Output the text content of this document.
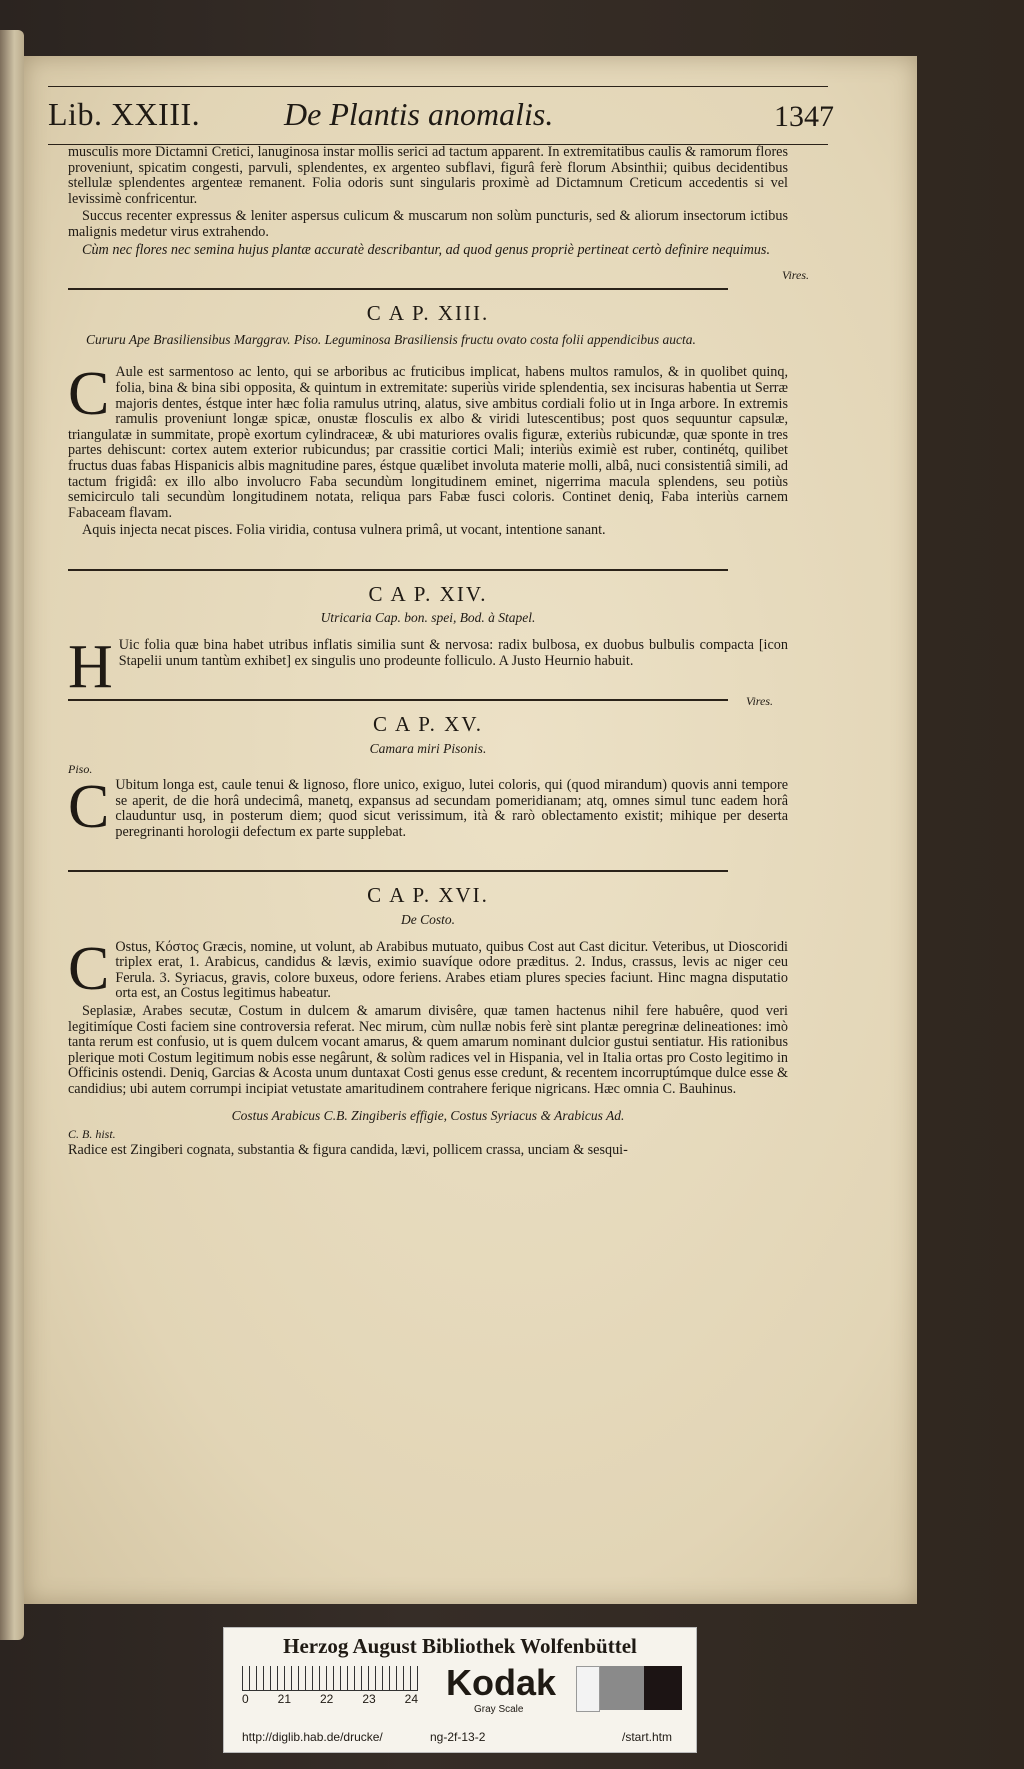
Lib. XXIII.	De Plantis anomalis.	1347
Vires.
Vires.

musculis more Dictamni Cretici, lanuginosa instar mollis serici ad tactum apparent. In extremitatibus caulis & ramorum flores proveniunt, spicatim congesti, parvuli, splendentes, ex argenteo subflavi, figurâ ferè florum Absinthii; quibus decidentibus stellulæ splendentes argenteæ remanent. Folia odoris sunt singularis proximè ad Dictamnum Creticum accedentis si vel levissimè confricentur.

Succus recenter expressus & leniter aspersus culicum & muscarum non solùm puncturis, sed & aliorum insectorum ictibus malignis medetur virus extrahendo.

Cùm nec flores nec semina hujus plantæ accuratè describantur, ad quod genus propriè pertineat certò definire nequimus.

C A P. XIII.
Cururu Ape Brasiliensibus Marggrav. Piso. Leguminosa Brasiliensis fructu ovato costa folii appendicibus aucta.
C Aule est sarmentoso ac lento, qui se arboribus ac fruticibus implicat, habens multos ramulos, & in quolibet quinq, folia, bina & bina sibi opposita, & quintum in extremitate: superiùs viride splendentia, sex incisuras habentia ut Serræ majoris dentes, éstque inter hæc folia ramulus utrinq, alatus, sive ambitus cordiali folio ut in Inga arbore. In extremis ramulis proveniunt longæ spicæ, onustæ flosculis ex albo & viridi lutescentibus; post quos sequuntur capsulæ, triangulatæ in summitate, propè exortum cylindraceæ, & ubi maturiores ovalis figuræ, exteriùs rubicundæ, quæ sponte in tres partes dehiscunt: cortex autem exterior rubicundus; par crassitie cortici Mali; interiùs eximiè est ruber, continétq, quilibet fructus duas fabas Hispanicis albis magnitudine pares, éstque quælibet involuta materie molli, albâ, nuci consistentiâ simili, ad tactum frigidâ: ex illo albo involucro Faba secundùm longitudinem eminet, nigerrima macula splendens, seu potiùs semicirculo tali secundùm longitudinem notata, reliqua pars Fabæ fusci coloris. Continet deniq, Faba interiùs carnem Fabaceam flavam.

Aquis injecta necat pisces. Folia viridia, contusa vulnera primâ, ut vocant, intentione sanant.

C A P. XIV.
Utricaria Cap. bon. spei, Bod. à Stapel.
H Uic folia quæ bina habet utribus inflatis similia sunt & nervosa: radix bulbosa, ex duobus bulbulis compacta [icon Stapelii unum tantùm exhibet] ex singulis uno prodeunte folliculo. A Justo Heurnio habuit.

C A P. XV.
Camara miri Pisonis.
Piso.
C Ubitum longa est, caule tenui & lignoso, flore unico, exiguo, lutei coloris, qui (quod mirandum) quovis anni tempore se aperit, de die horâ undecimâ, manetq, expansus ad secundam pomeridianam; atq, omnes simul tunc eadem horâ clauduntur usq, in posterum diem; quod sicut verissimum, ità & rarò oblectamento existit; mihique per deserta peregrinanti horologii defectum ex parte supplebat.

C A P. XVI.
De Costo.
C Ostus, Κόστος Græcis, nomine, ut volunt, ab Arabibus mutuato, quibus Cost aut Cast dicitur. Veteribus, ut Dioscoridi triplex erat, 1. Arabicus, candidus & lævis, eximio suavíque odore præditus. 2. Indus, crassus, levis ac niger ceu Ferula. 3. Syriacus, gravis, colore buxeus, odore feriens. Arabes etiam plures species faciunt. Hinc magna disputatio orta est, an Costus legitimus habeatur.

Seplasiæ, Arabes secutæ, Costum in dulcem & amarum divisêre, quæ tamen hactenus nihil fere habuêre, quod veri legitimíque Costi faciem sine controversia referat. Nec mirum, cùm nullæ nobis ferè sint plantæ peregrinæ delineationes: imò tanta rerum est confusio, ut is quem dulcem vocant amarus, & quem amarum nominant dulcior gustui sentiatur. His rationibus plerique moti Costum legitimum nobis esse negârunt, & solùm radices vel in Hispania, vel in Italia ortas pro Costo legitimo in Officinis ostendi. Deniq, Garcias & Acosta unum duntaxat Costi genus esse credunt, & recentem incorruptúmque dulce esse & candidius; ubi autem corrumpi incipiat vetustate amaritudinem contrahere ferique nigricans. Hæc omnia C. Bauhinus.

Costus Arabicus C.B. Zingiberis effigie, Costus Syriacus & Arabicus Ad.
C. B. hist.

Radice est Zingiberi cognata, substantia & figura candida, lævi, pollicem crassa, unciam & sesqui-

Herzog August Bibliothek Wolfenbüttel
0 21 22 23 24 Kodak
Gray Scale
http://diglib.hab.de/drucke/	ng-2f-13-2	/start.htm
